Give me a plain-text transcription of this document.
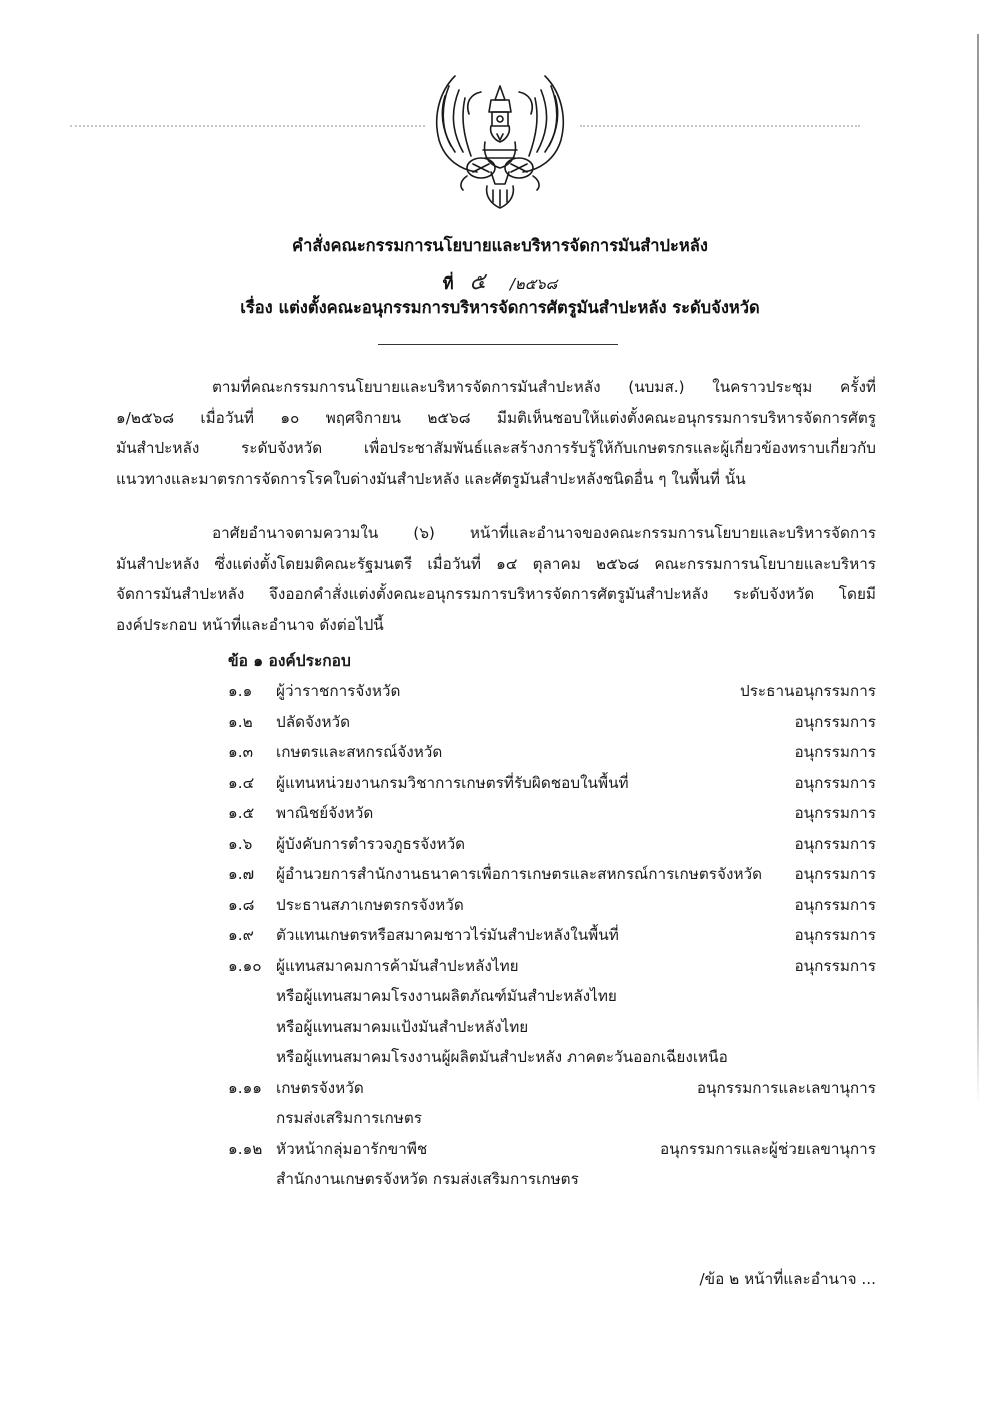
คำสั่งคณะกรรมการนโยบายและบริหารจัดการมันสำปะหลัง
ที่ ๕ /๒๕๖๘
เรื่อง แต่งตั้งคณะอนุกรรมการบริหารจัดการศัตรูมันสำปะหลัง ระดับจังหวัด
ตามที่คณะกรรมการนโยบายและบริหารจัดการมันสำปะหลัง (นบมส.) ในคราวประชุม ครั้งที่
๑/๒๕๖๘ เมื่อวันที่ ๑๐ พฤศจิกายน ๒๕๖๘ มีมติเห็นชอบให้แต่งตั้งคณะอนุกรรมการบริหารจัดการศัตรู
มันสำปะหลัง ระดับจังหวัด เพื่อประชาสัมพันธ์และสร้างการรับรู้ให้กับเกษตรกรและผู้เกี่ยวข้องทราบเกี่ยวกับ
แนวทางและมาตรการจัดการโรคใบด่างมันสำปะหลัง และศัตรูมันสำปะหลังชนิดอื่น ๆ ในพื้นที่ นั้น
อาศัยอำนาจตามความใน (๖) หน้าที่และอำนาจของคณะกรรมการนโยบายและบริหารจัดการ
มันสำปะหลัง ซึ่งแต่งตั้งโดยมติคณะรัฐมนตรี เมื่อวันที่ ๑๔ ตุลาคม ๒๕๖๘ คณะกรรมการนโยบายและบริหาร
จัดการมันสำปะหลัง จึงออกคำสั่งแต่งตั้งคณะอนุกรรมการบริหารจัดการศัตรูมันสำปะหลัง ระดับจังหวัด โดยมี
องค์ประกอบ หน้าที่และอำนาจ ดังต่อไปนี้
ข้อ ๑ องค์ประกอบ
๑.๑	ผู้ว่าราชการจังหวัด	ประธานอนุกรรมการ
๑.๒	ปลัดจังหวัด	อนุกรรมการ
๑.๓	เกษตรและสหกรณ์จังหวัด	อนุกรรมการ
๑.๔	ผู้แทนหน่วยงานกรมวิชาการเกษตรที่รับผิดชอบในพื้นที่	อนุกรรมการ
๑.๕	พาณิชย์จังหวัด	อนุกรรมการ
๑.๖	ผู้บังคับการตำรวจภูธรจังหวัด	อนุกรรมการ
๑.๗	ผู้อำนวยการสำนักงานธนาคารเพื่อการเกษตรและสหกรณ์การเกษตรจังหวัด อนุกรรมการ
๑.๘	ประธานสภาเกษตรกรจังหวัด	อนุกรรมการ
๑.๙	ตัวแทนเกษตรหรือสมาคมชาวไร่มันสำปะหลังในพื้นที่	อนุกรรมการ
๑.๑๐ ผู้แทนสมาคมการค้ามันสำปะหลังไทย	อนุกรรมการ
หรือผู้แทนสมาคมโรงงานผลิตภัณฑ์มันสำปะหลังไทย
หรือผู้แทนสมาคมแป้งมันสำปะหลังไทย
หรือผู้แทนสมาคมโรงงานผู้ผลิตมันสำปะหลัง ภาคตะวันออกเฉียงเหนือ
๑.๑๑ เกษตรจังหวัด	อนุกรรมการและเลขานุการ
กรมส่งเสริมการเกษตร
๑.๑๒ หัวหน้ากลุ่มอารักขาพืช	อนุกรรมการและผู้ช่วยเลขานุการ
สำนักงานเกษตรจังหวัด กรมส่งเสริมการเกษตร
/ข้อ ๒ หน้าที่และอำนาจ ...
